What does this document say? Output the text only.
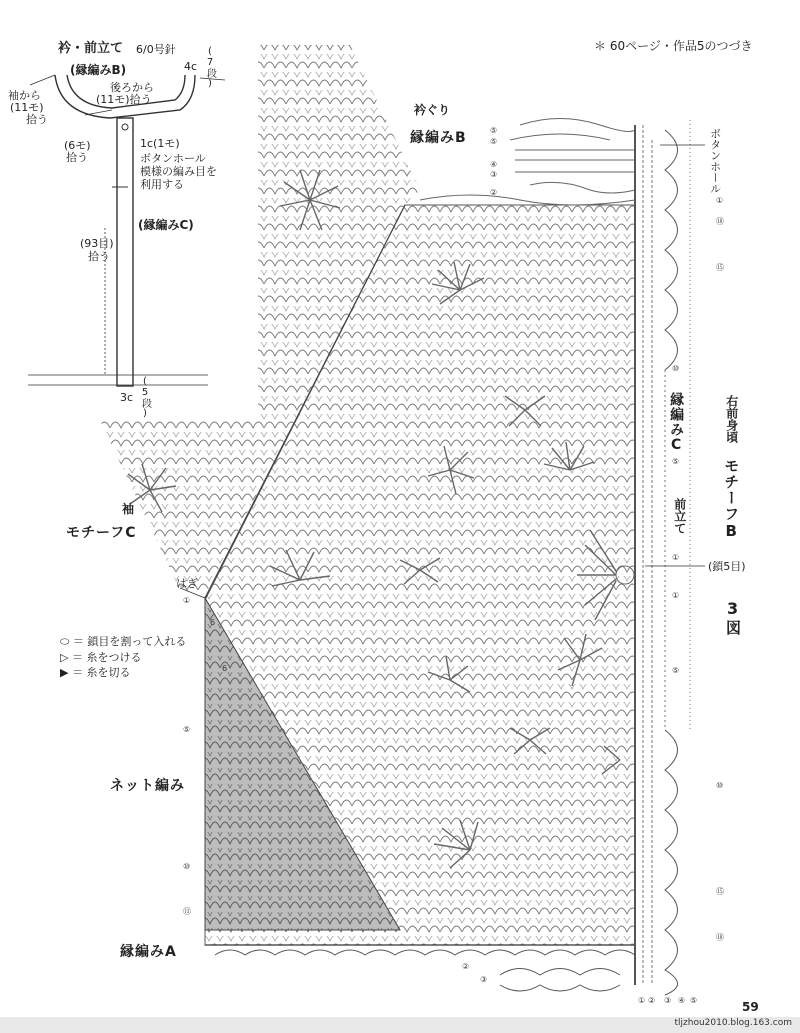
＊ 60ページ・作品5のつづき
衿・前立て 6/0号針
(縁編みB)	4c (7段)
袖から
(11モ)
拾う
後ろから
(11モ)拾う
(6モ)
拾う
1c(1モ)
ボタンホール
模様の編み目を
利用する
(縁編みC)
(93目)
拾う
3c (5段)
衿ぐり
縁編みB
袖
モチーフC
はぎ
ネット編み
縁編みA
縁編みC
前立て
右前身頃
モチーフB
3
図
ボタンホール
(鎖5目)
⬭ ＝ 鎖目を割って入れる
▷ ＝ 糸をつける
▶ ＝ 糸を切る
⑤
⑤
④
③
②
①
⑱
⑮
⑩
⑮
⑱
⑩
⑤
①
①
⑤
①
6
6
⑤
⑩
⑪
②
③
① ② ③ ④ ⑤	59
tljzhou2010.blog.163.com
